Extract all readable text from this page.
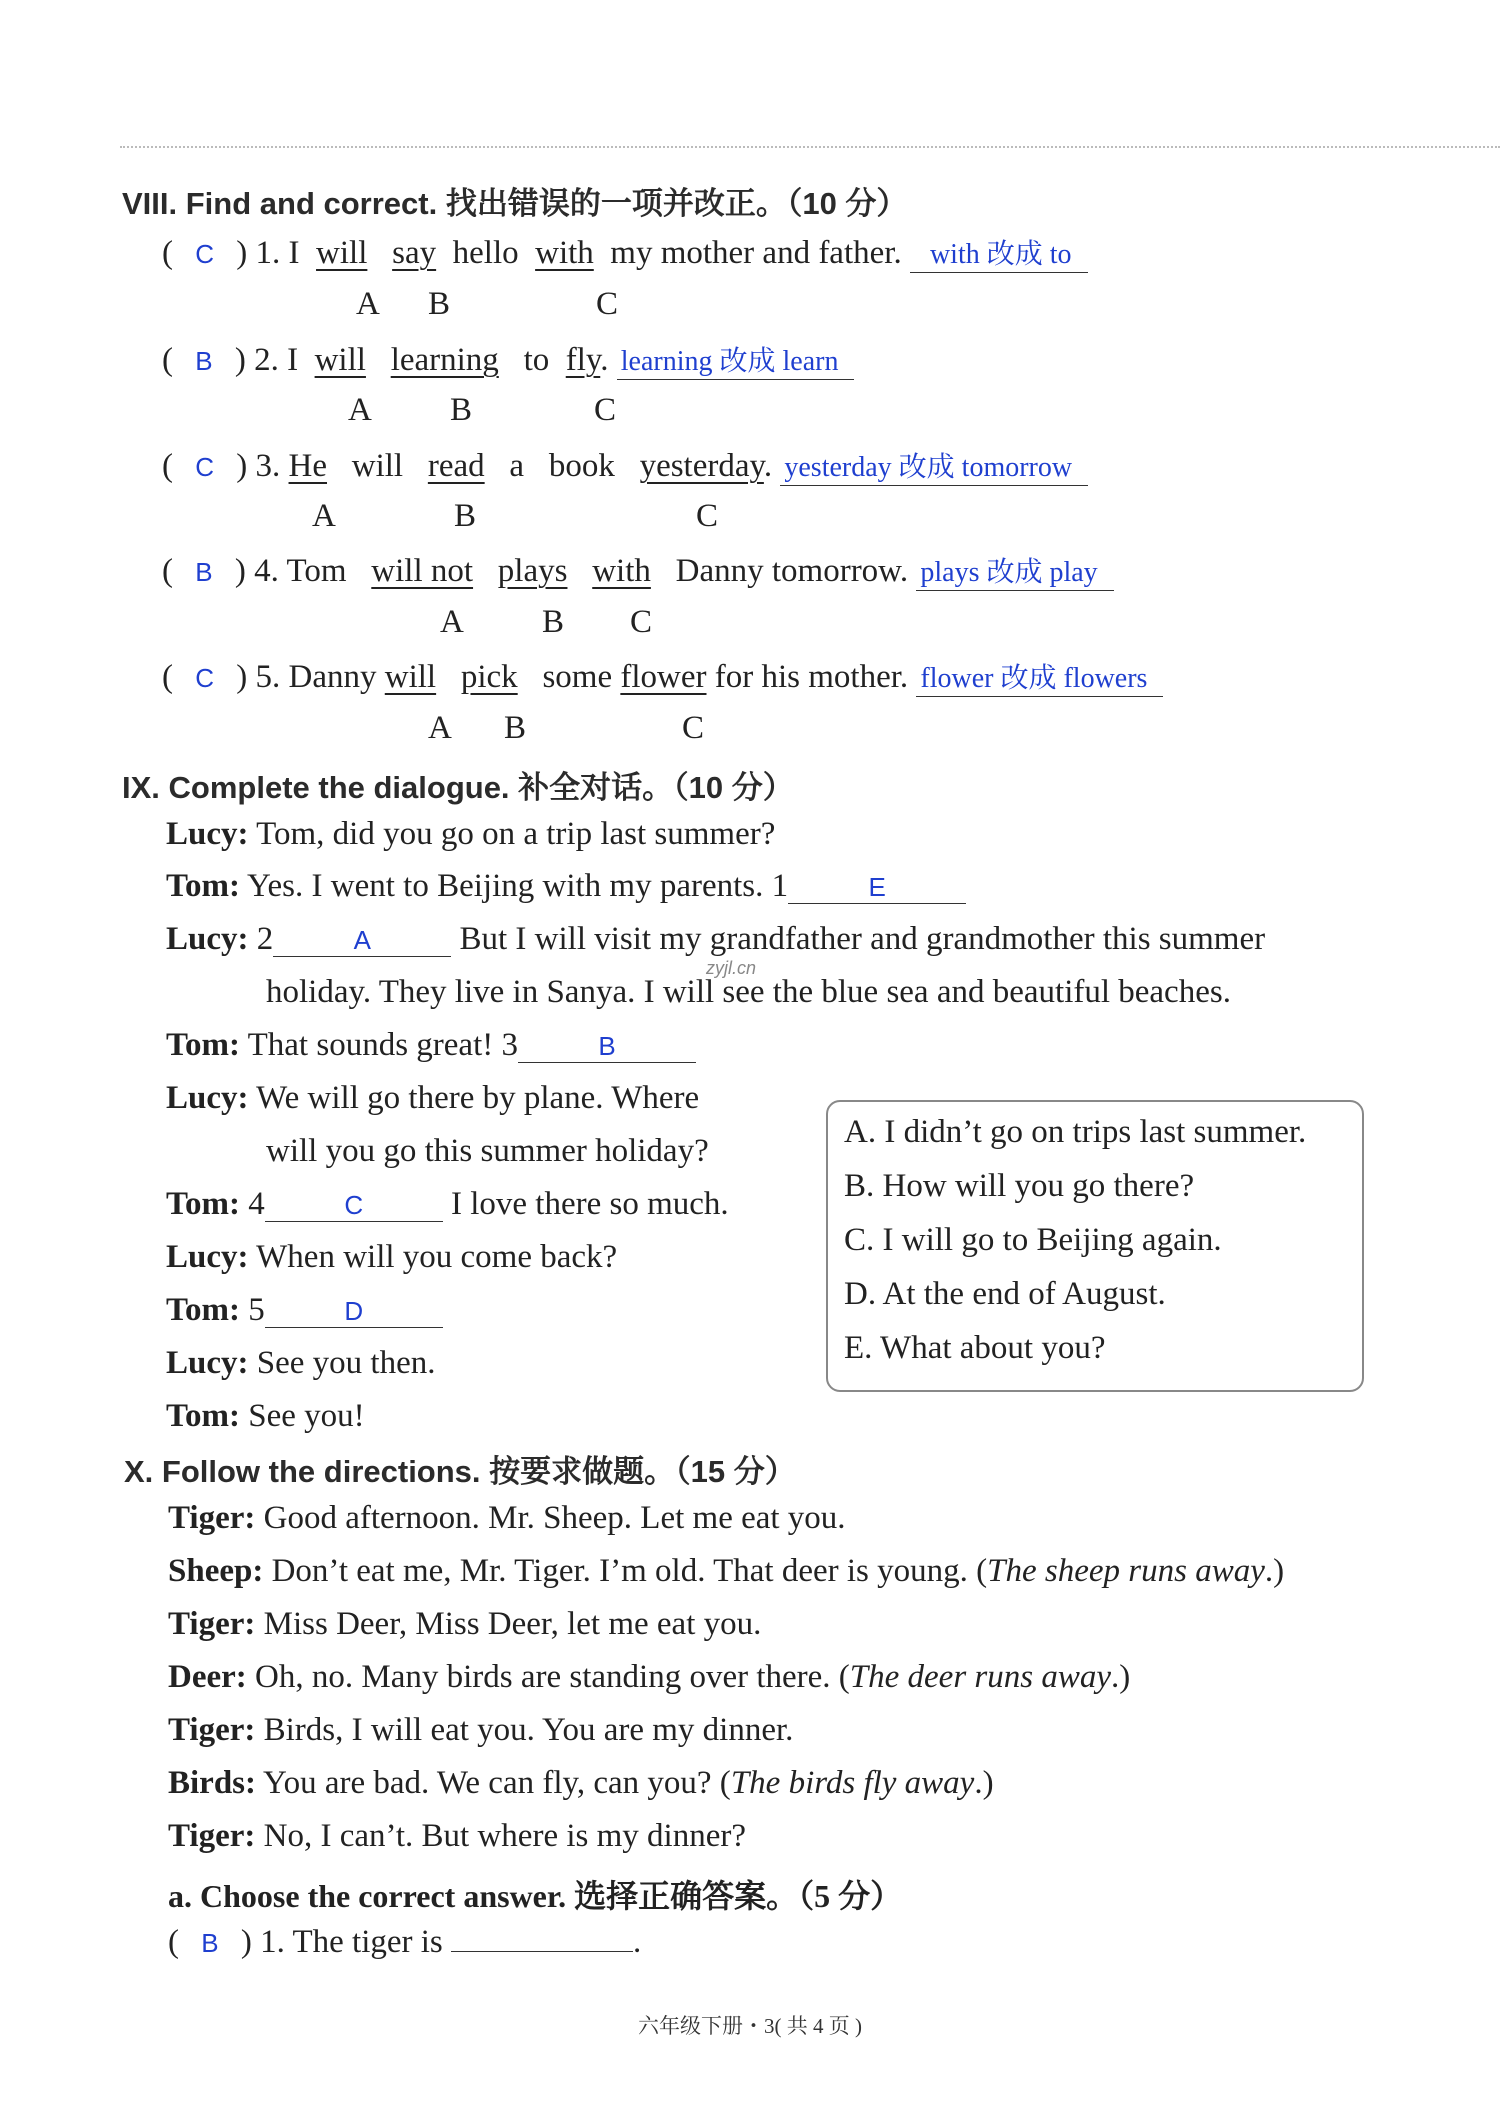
VIII. Find and correct. 找出错误的一项并改正。（10 分）
( C ) 1. I will say hello with my mother and father. with 改成 to
A B	C
( B ) 2. I will learning to fly. learning 改成 learn
A B	C
( C ) 3. He will read a book yesterday. yesterday 改成 tomorrow
A	B	C
( B ) 4. Tom will not plays with Danny tomorrow. plays 改成 play
A B C
( C ) 5. Danny will pick some flower for his mother. flower 改成 flowers
A B	C
IX. Complete the dialogue. 补全对话。（10 分）
Lucy: Tom, did you go on a trip last summer?
Tom: Yes. I went to Beijing with my parents. 1	E
Lucy: 2	A	But I will visit my grandfather and grandmother this summer
holiday. They live in Sanya. I will see the blue sea and beautiful beaches.
zyjl.cn
Tom: That sounds great! 3	B
Lucy: We will go there by plane. Where
will you go this summer holiday?
Tom: 4	C	I love there so much.
Lucy: When will you come back?
Tom: 5	D
Lucy: See you then.
Tom: See you!
A. I didn’t go on trips last summer.
B. How will you go there?
C. I will go to Beijing again.
D. At the end of August.
E. What about you?
X. Follow the directions. 按要求做题。（15 分）
Tiger: Good afternoon. Mr. Sheep. Let me eat you.
Sheep: Don’t eat me, Mr. Tiger. I’m old. That deer is young. (The sheep runs away.)
Tiger: Miss Deer, Miss Deer, let me eat you.
Deer: Oh, no. Many birds are standing over there. (The deer runs away.)
Tiger: Birds, I will eat you. You are my dinner.
Birds: You are bad. We can fly, can you? (The birds fly away.)
Tiger: No, I can’t. But where is my dinner?
a. Choose the correct answer. 选择正确答案。（5 分）
( B ) 1. The tiger is	.
六年级下册・3( 共 4 页 )
